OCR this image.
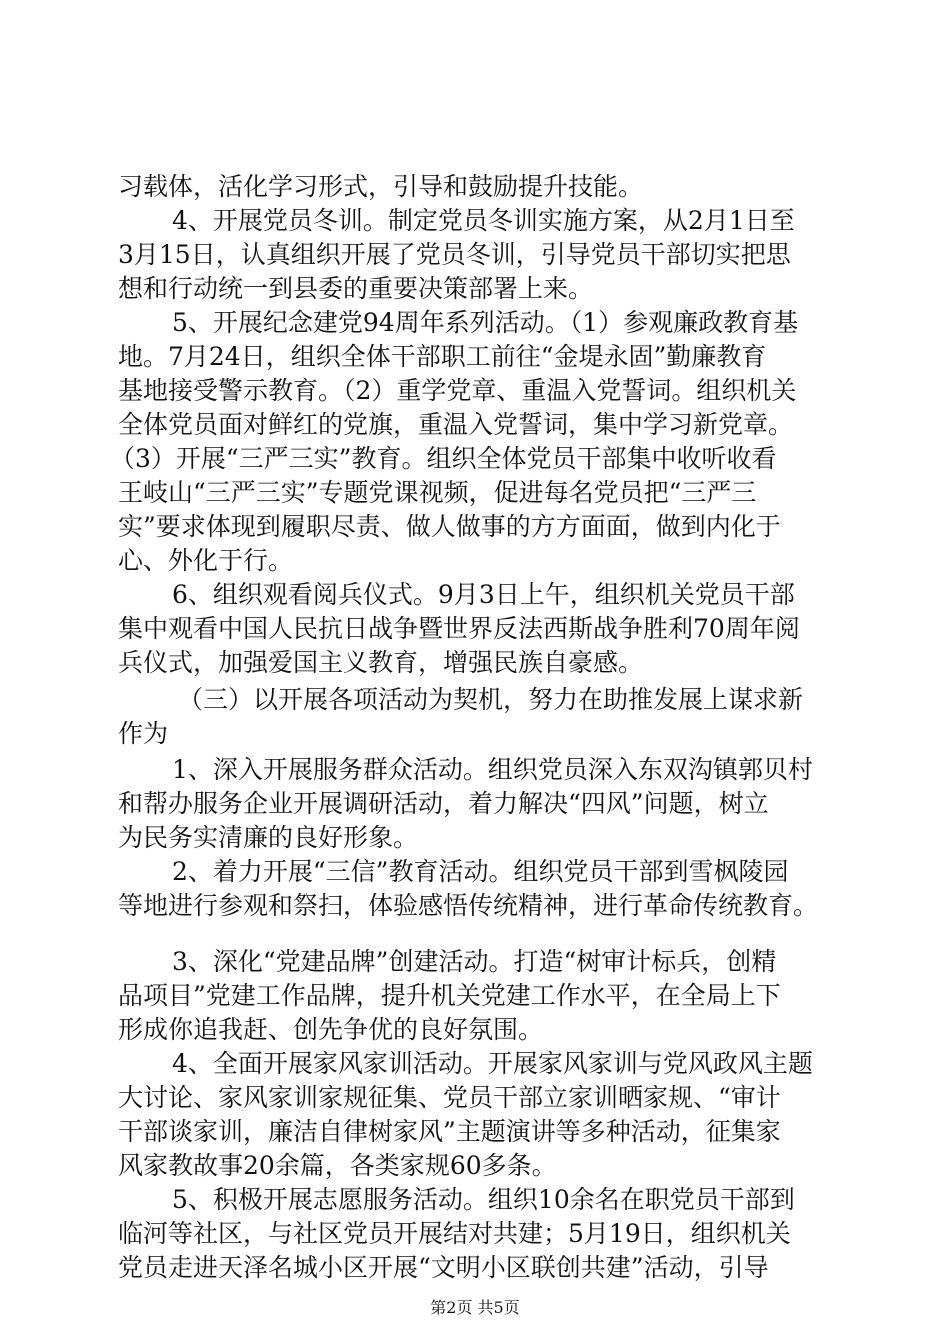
习载体，活化学习形式，引导和鼓励提升技能。
4、开展党员冬训。制定党员冬训实施方案，从2月1日至
3月15日，认真组织开展了党员冬训，引导党员干部切实把思
想和行动统一到县委的重要决策部署上来。
5、开展纪念建党94周年系列活动。（1）参观廉政教育基
地。7月24日，组织全体干部职工前往“金堤永固”勤廉教育
基地接受警示教育。（2）重学党章、重温入党誓词。组织机关
全体党员面对鲜红的党旗，重温入党誓词，集中学习新党章。
（3）开展“三严三实”教育。组织全体党员干部集中收听收看
王岐山“三严三实”专题党课视频，促进每名党员把“三严三
实”要求体现到履职尽责、做人做事的方方面面，做到内化于
心、外化于行。
6、组织观看阅兵仪式。9月3日上午，组织机关党员干部
集中观看中国人民抗日战争暨世界反法西斯战争胜利70周年阅
兵仪式，加强爱国主义教育，增强民族自豪感。
（三）以开展各项活动为契机，努力在助推发展上谋求新
作为
1、深入开展服务群众活动。组织党员深入东双沟镇郭贝村
和帮办服务企业开展调研活动，着力解决“四风”问题，树立
为民务实清廉的良好形象。
2、着力开展“三信”教育活动。组织党员干部到雪枫陵园
等地进行参观和祭扫，体验感悟传统精神，进行革命传统教育。
3、深化“党建品牌”创建活动。打造“树审计标兵，创精
品项目”党建工作品牌，提升机关党建工作水平，在全局上下
形成你追我赶、创先争优的良好氛围。
4、全面开展家风家训活动。开展家风家训与党风政风主题
大讨论、家风家训家规征集、党员干部立家训晒家规、“审计
干部谈家训，廉洁自律树家风”主题演讲等多种活动，征集家
风家教故事20余篇，各类家规60多条。
5、积极开展志愿服务活动。组织10余名在职党员干部到
临河等社区，与社区党员开展结对共建；5月19日，组织机关
党员走进天泽名城小区开展“文明小区联创共建”活动，引导
第2页 共5页
